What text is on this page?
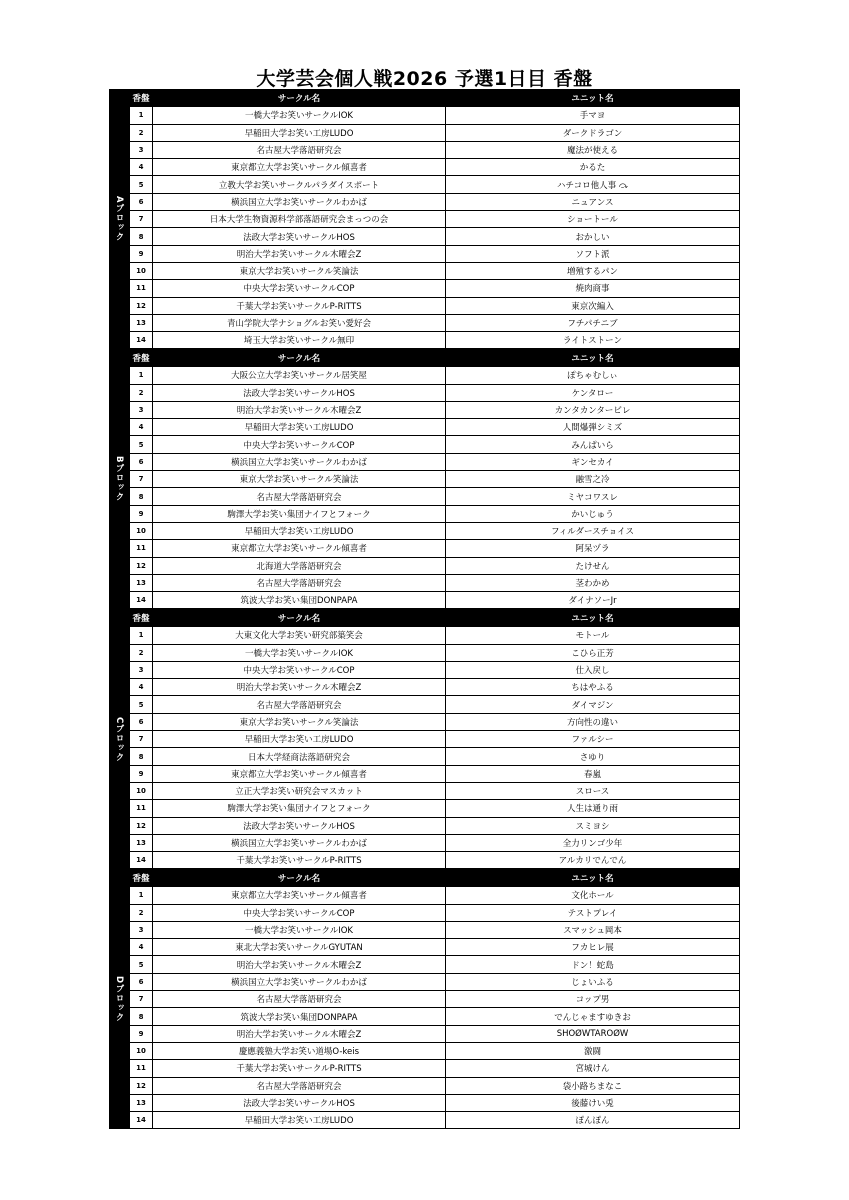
大学芸会個人戦2026 予選1日目 香盤
Aブロック
香盤	サークル名	ユニット名
1	一橋大学お笑いサークルIOK	手マヨ
2	早稲田大学お笑い工房LUDO	ダークドラゴン
3	名古屋大学落語研究会	魔法が使える
4	東京都立大学お笑いサークル傾喜者	かるた
5	立教大学お笑いサークルパラダイスポート	ハチコロ他人事 ⤼
6	横浜国立大学お笑いサークルわかば	ニュアンス
7	日本大学生物資源科学部落語研究会まっつの会	ショートール
8	法政大学お笑いサークルHOS	おかしい
9	明治大学お笑いサークル木曜会Z	ソフト派
10	東京大学お笑いサークル笑論法	増殖するパン
11	中央大学お笑いサークルCOP	焼肉商事
12	千葉大学お笑いサークルP-RITTS	東京次編入
13	青山学院大学ナショグルお笑い愛好会	フチパチニブ
14	埼玉大学お笑いサークル無印	ライトストーン
Bブロック
香盤	サークル名	ユニット名
1	大阪公立大学お笑いサークル居笑屋	ぽちゃむしぃ
2	法政大学お笑いサークルHOS	ケンタロー
3	明治大学お笑いサークル木曜会Z	カンタカンタービレ
4	早稲田大学お笑い工房LUDO	人間爆弾シミズ
5	中央大学お笑いサークルCOP	みんぱいら
6	横浜国立大学お笑いサークルわかば	ギンセカイ
7	東京大学お笑いサークル笑論法	融雪之冷
8	名古屋大学落語研究会	ミヤコワスレ
9	駒澤大学お笑い集団ナイフとフォーク	かいじゅう
10	早稲田大学お笑い工房LUDO	フィルダースチョイス
11	東京都立大学お笑いサークル傾喜者	阿呆ヅラ
12	北海道大学落語研究会	たけせん
13	名古屋大学落語研究会	茎わかめ
14	筑波大学お笑い集団DONPAPA	ダイナソーJr
Cブロック
香盤	サークル名	ユニット名
1	大東文化大学お笑い研究部築笑会	モトール
2	一橋大学お笑いサークルIOK	こひら正芳
3	中央大学お笑いサークルCOP	仕入戻し
4	明治大学お笑いサークル木曜会Z	ちはやふる
5	名古屋大学落語研究会	ダイマジン
6	東京大学お笑いサークル笑論法	方向性の違い
7	早稲田大学お笑い工房LUDO	ファルシー
8	日本大学経商法落語研究会	さゆり
9	東京都立大学お笑いサークル傾喜者	春嵐
10	立正大学お笑い研究会マスカット	スロース
11	駒澤大学お笑い集団ナイフとフォーク	人生は通り雨
12	法政大学お笑いサークルHOS	スミヨシ
13	横浜国立大学お笑いサークルわかば	全力リンゴ少年
14	千葉大学お笑いサークルP-RITTS	アルカリでんでん
Dブロック
香盤	サークル名	ユニット名
1	東京都立大学お笑いサークル傾喜者	文化ホール
2	中央大学お笑いサークルCOP	テストプレイ
3	一橋大学お笑いサークルIOK	スマッシュ岡本
4	東北大学お笑いサークルGYUTAN	フカヒレ展
5	明治大学お笑いサークル木曜会Z	ドン！蛇島
6	横浜国立大学お笑いサークルわかば	じょいふる
7	名古屋大学落語研究会	コップ男
8	筑波大学お笑い集団DONPAPA	でんじゃますゆきお
9	明治大学お笑いサークル木曜会Z	SHOØWTAROØW
10	慶應義塾大学お笑い道場O-keis	激闘
11	千葉大学お笑いサークルP-RITTS	宮城けん
12	名古屋大学落語研究会	袋小路ちまなこ
13	法政大学お笑いサークルHOS	後藤けい兎
14	早稲田大学お笑い工房LUDO	ぽんぽん
